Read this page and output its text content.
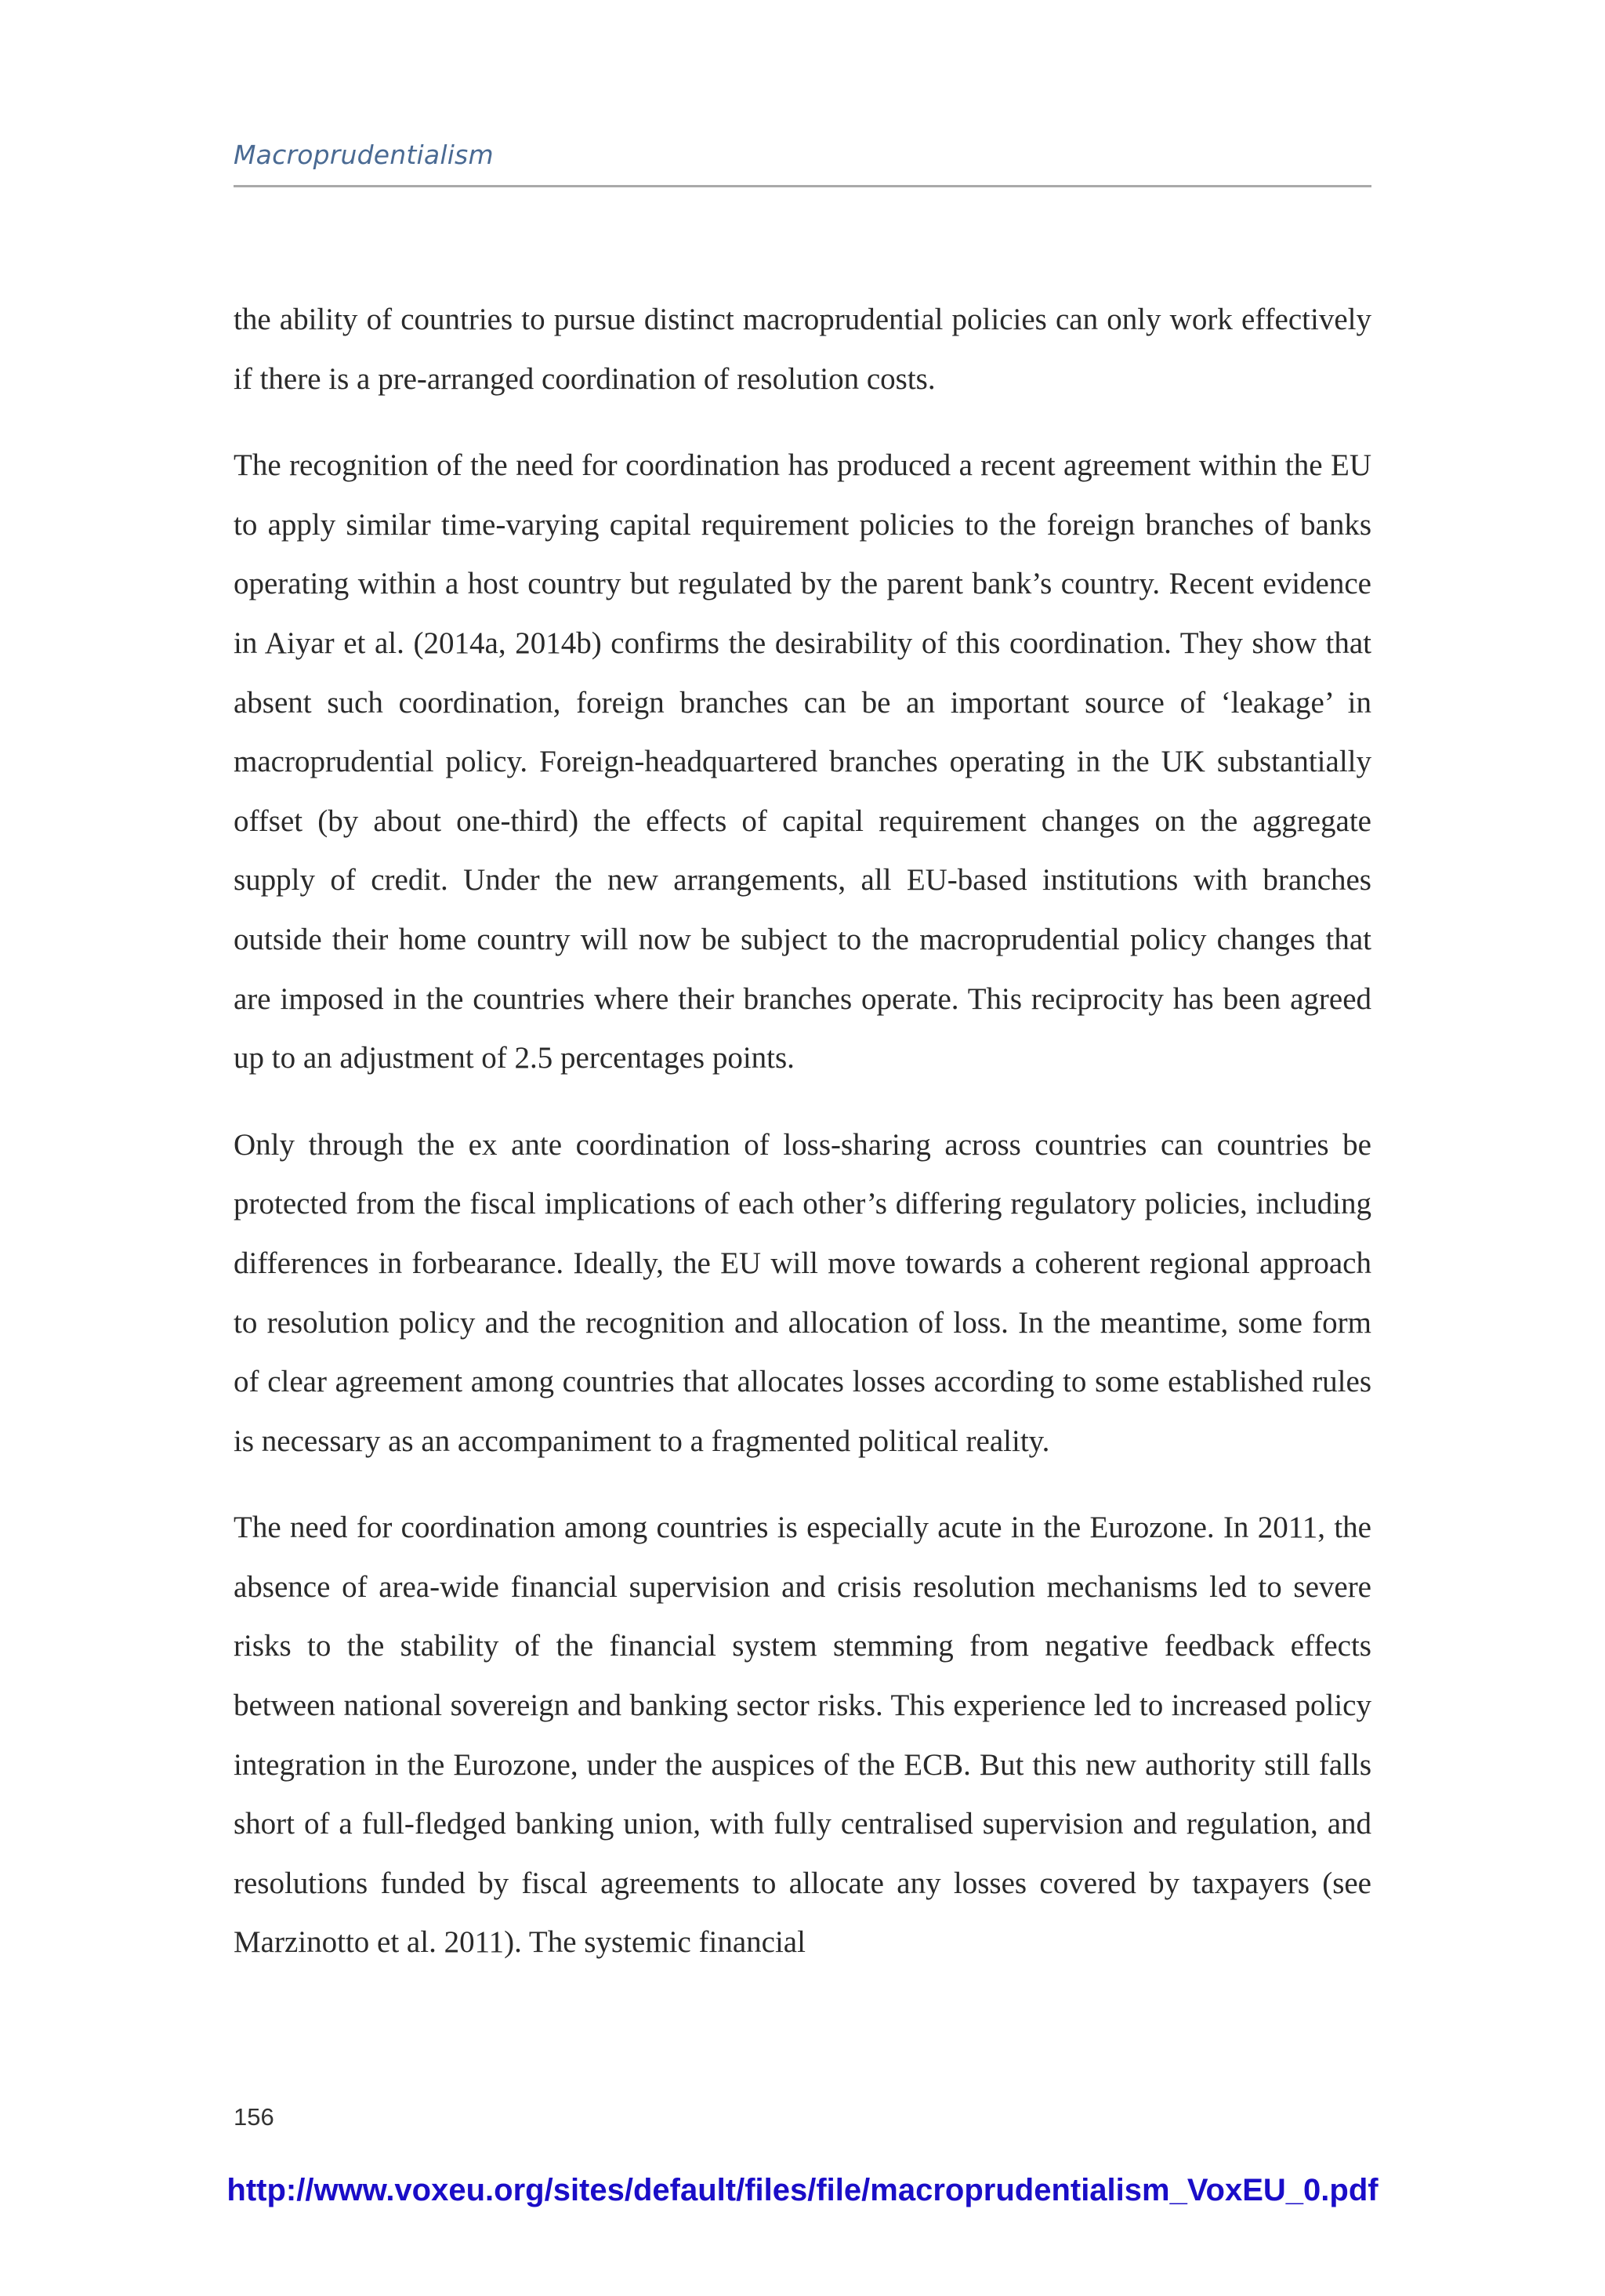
Macroprudentialism

the ability of countries to pursue distinct macroprudential policies can only work effectively if there is a pre-arranged coordination of resolution costs.

The recognition of the need for coordination has produced a recent agreement within the EU to apply similar time-varying capital requirement policies to the foreign branches of banks operating within a host country but regulated by the parent bank’s country. Recent evidence in Aiyar et al. (2014a, 2014b) confirms the desirability of this coordination. They show that absent such coordination, foreign branches can be an important source of ‘leakage’ in macroprudential policy. Foreign-headquartered branches operating in the UK substantially offset (by about one-third) the effects of capital requirement changes on the aggregate supply of credit. Under the new arrangements, all EU-based institutions with branches outside their home country will now be subject to the macroprudential policy changes that are imposed in the countries where their branches operate. This reciprocity has been agreed up to an adjustment of 2.5 percentages points.

Only through the ex ante coordination of loss-sharing across countries can countries be protected from the fiscal implications of each other’s differing regulatory policies, including differences in forbearance. Ideally, the EU will move towards a coherent regional approach to resolution policy and the recognition and allocation of loss. In the meantime, some form of clear agreement among countries that allocates losses according to some established rules is necessary as an accompaniment to a fragmented political reality.

The need for coordination among countries is especially acute in the Eurozone. In 2011, the absence of area-wide financial supervision and crisis resolution mechanisms led to severe risks to the stability of the financial system stemming from negative feedback effects between national sovereign and banking sector risks. This experience led to increased policy integration in the Eurozone, under the auspices of the ECB. But this new authority still falls short of a full-fledged banking union, with fully centralised supervision and regulation, and resolutions funded by fiscal agreements to allocate any losses covered by taxpayers (see Marzinotto et al. 2011). The systemic financial

156
http://www.voxeu.org/sites/default/files/file/macroprudentialism_VoxEU_0.pdf
